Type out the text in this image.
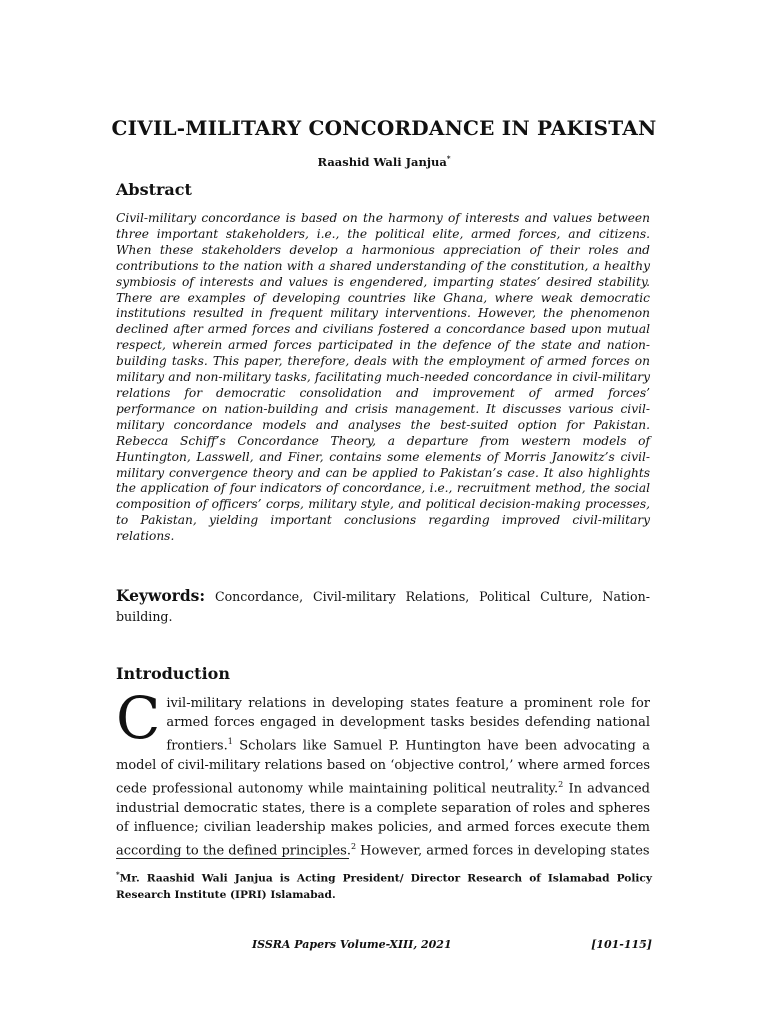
CIVIL-MILITARY CONCORDANCE IN PAKISTAN
Raashid Wali Janjua*
Abstract

Civil-military concordance is based on the harmony of interests and values between three important stakeholders, i.e., the political elite, armed forces, and citizens. When these stakeholders develop a harmonious appreciation of their roles and contributions to the nation with a shared understanding of the constitution, a healthy symbiosis of interests and values is engendered, imparting states’ desired stability. There are examples of developing countries like Ghana, where weak democratic institutions resulted in frequent military interventions. However, the phenomenon declined after armed forces and civilians fostered a concordance based upon mutual respect, wherein armed forces participated in the defence of the state and nation-building tasks. This paper, therefore, deals with the employment of armed forces on military and non-military tasks, facilitating much-needed concordance in civil-military relations for democratic consolidation and improvement of armed forces’ performance on nation-building and crisis management. It discusses various civil-military concordance models and analyses the best-suited option for Pakistan. Rebecca Schiff’s Concordance Theory, a departure from western models of Huntington, Lasswell, and Finer, contains some elements of Morris Janowitz’s civil-military convergence theory and can be applied to Pakistan’s case. It also highlights the application of four indicators of concordance, i.e., recruitment method, the social composition of officers’ corps, military style, and political decision-making processes, to Pakistan, yielding important conclusions regarding improved civil-military relations.

Keywords: Concordance, Civil-military Relations, Political Culture, Nation-building.

Introduction

Civil-military relations in developing states feature a prominent role for armed forces engaged in development tasks besides defending national frontiers.$^1$ Scholars like Samuel P. Huntington have been advocating a model of civil-military relations based on ‘objective control,’ where armed forces cede professional autonomy while maintaining political neutrality.$^2$ In advanced industrial democratic states, there is a complete separation of roles and spheres of influence; civilian leadership makes policies, and armed forces execute them according to the defined principles.$^2$ However, armed forces in developing states

*Mr. Raashid Wali Janjua is Acting President/ Director Research of Islamabad Policy Research Institute (IPRI) Islamabad.

ISSRA Papers Volume-XIII, 2021	[101-115]
